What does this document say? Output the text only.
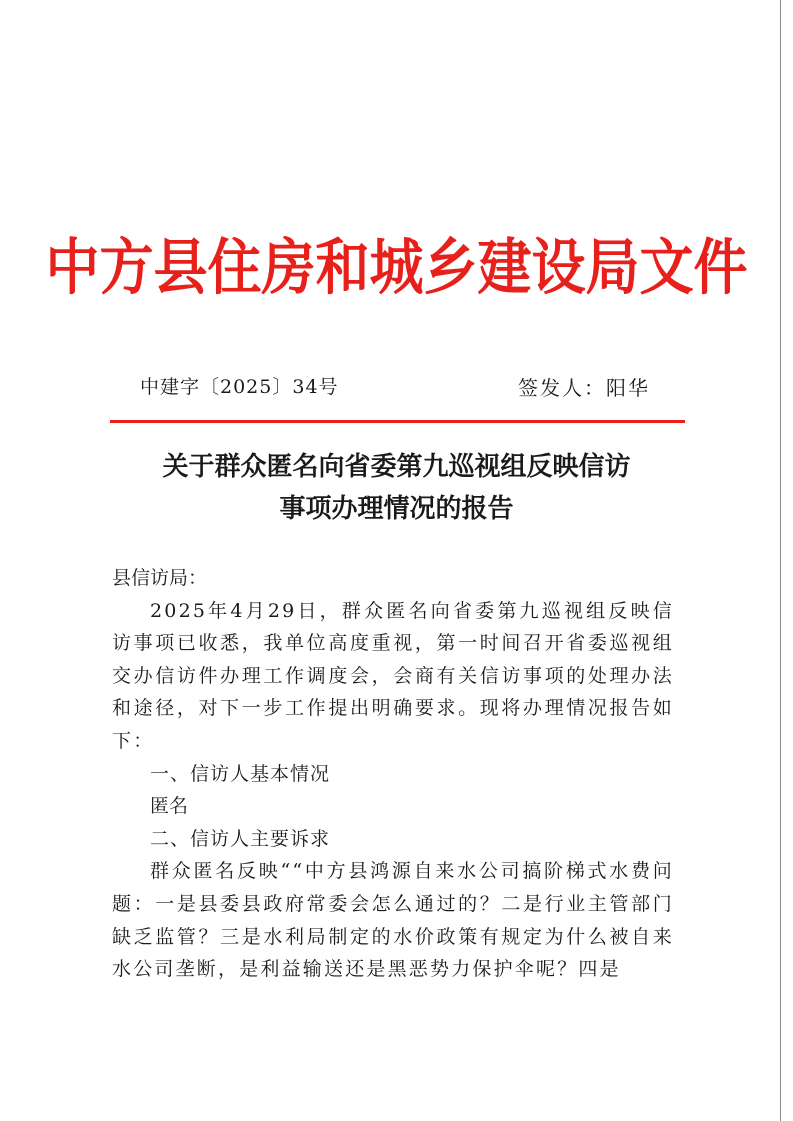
中方县住房和城乡建设局文件
中建字〔2025〕34号	签发人：阳华
关于群众匿名向省委第九巡视组反映信访
事项办理情况的报告

县信访局：

2025年4月29日，群众匿名向省委第九巡视组反映信访事项已收悉，我单位高度重视，第一时间召开省委巡视组交办信访件办理工作调度会，会商有关信访事项的处理办法和途径，对下一步工作提出明确要求。现将办理情况报告如下：

一、信访人基本情况

匿名

二、信访人主要诉求

群众匿名反映““中方县鸿源自来水公司搞阶梯式水费问题：一是县委县政府常委会怎么通过的？二是行业主管部门缺乏监管？三是水利局制定的水价政策有规定为什么被自来水公司垄断，是利益输送还是黑恶势力保护伞呢？四是
